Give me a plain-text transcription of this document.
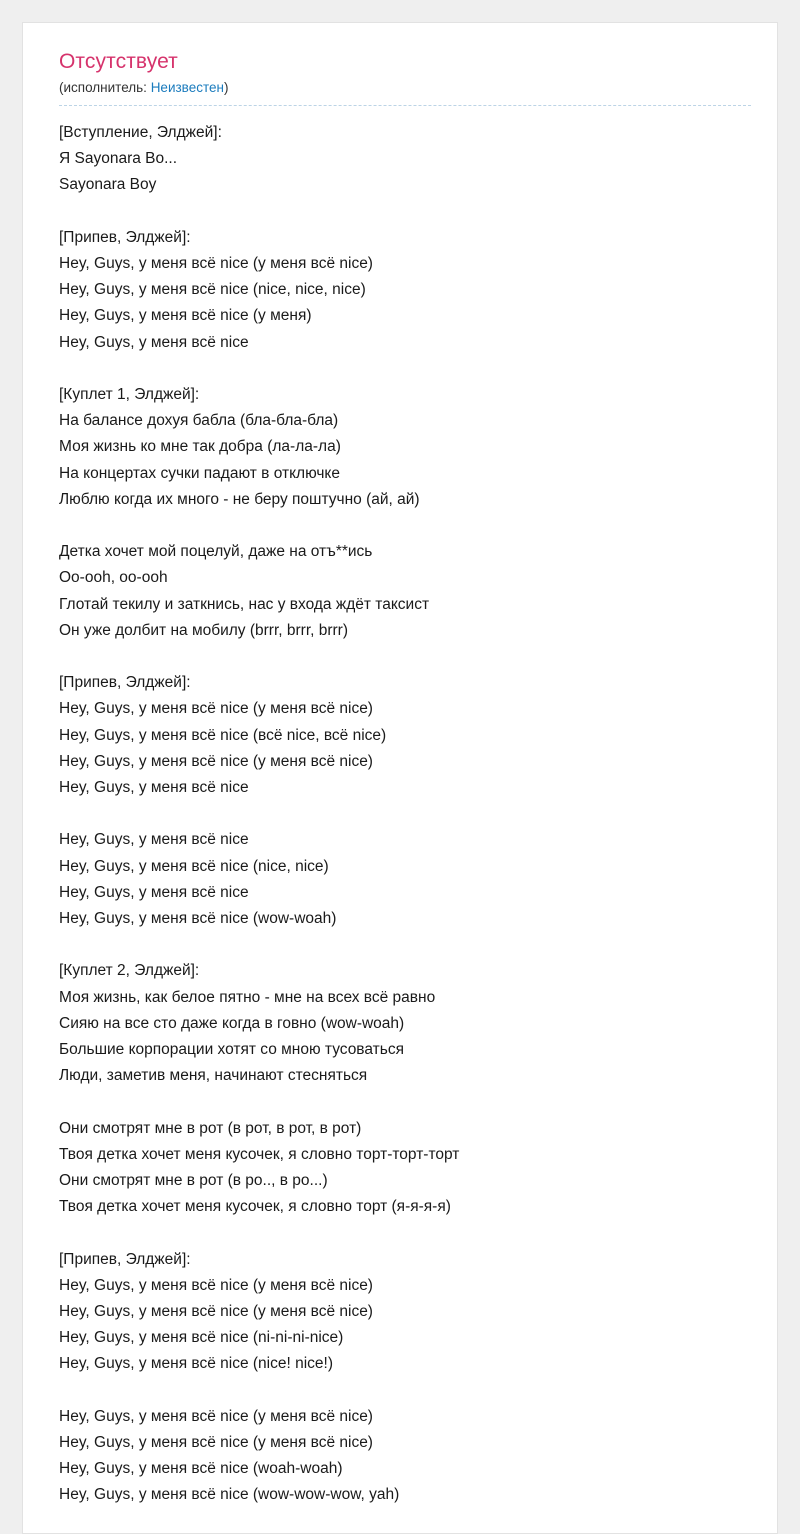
Отсутствует
(исполнитель: Неизвестен)
[Вступление, Элджей]:
Я Sayonara Bo...
Sayonara Boy
[Припев, Элджей]:
Hey, Guys, у меня всё nice (у меня всё nice)
Hey, Guys, у меня всё nice (nice, nice, nice)
Hey, Guys, у меня всё nice (у меня)
Hey, Guys, у меня всё nice
[Куплет 1, Элджей]:
На балансе дохуя бабла (бла-бла-бла)
Моя жизнь ко мне так добра (ла-ла-ла)
На концертах сучки падают в отключке
Люблю когда их много - не беру поштучно (ай, ай)
Детка хочет мой поцелуй, даже на отъ**ись
Oo-ooh, oo-ooh
Глотай текилу и заткнись, нас у входа ждёт таксист
Он уже долбит на мобилу (brrr, brrr, brrr)
[Припев, Элджей]:
Hey, Guys, у меня всё nice (у меня всё nice)
Hey, Guys, у меня всё nice (всё nice, всё nice)
Hey, Guys, у меня всё nice (у меня всё nice)
Hey, Guys, у меня всё nice
Hey, Guys, у меня всё nice
Hey, Guys, у меня всё nice (nice, nice)
Hey, Guys, у меня всё nice
Hey, Guys, у меня всё nice (wow-woah)
[Куплет 2, Элджей]:
Моя жизнь, как белое пятно - мне на всех всё равно
Сияю на все сто даже когда в говно (wow-woah)
Большие корпорации хотят со мною тусоваться
Люди, заметив меня, начинают стесняться
Они смотрят мне в рот (в рот, в рот, в рот)
Твоя детка хочет меня кусочек, я словно торт-торт-торт
Они смотрят мне в рот (в ро.., в ро...)
Твоя детка хочет меня кусочек, я словно торт (я-я-я-я)
[Припев, Элджей]:
Hey, Guys, у меня всё nice (у меня всё nice)
Hey, Guys, у меня всё nice (у меня всё nice)
Hey, Guys, у меня всё nice (ni-ni-ni-nice)
Hey, Guys, у меня всё nice (nice! nice!)
Hey, Guys, у меня всё nice (у меня всё nice)
Hey, Guys, у меня всё nice (у меня всё nice)
Hey, Guys, у меня всё nice (woah-woah)
Hey, Guys, у меня всё nice (wow-wow-wow, yah)
